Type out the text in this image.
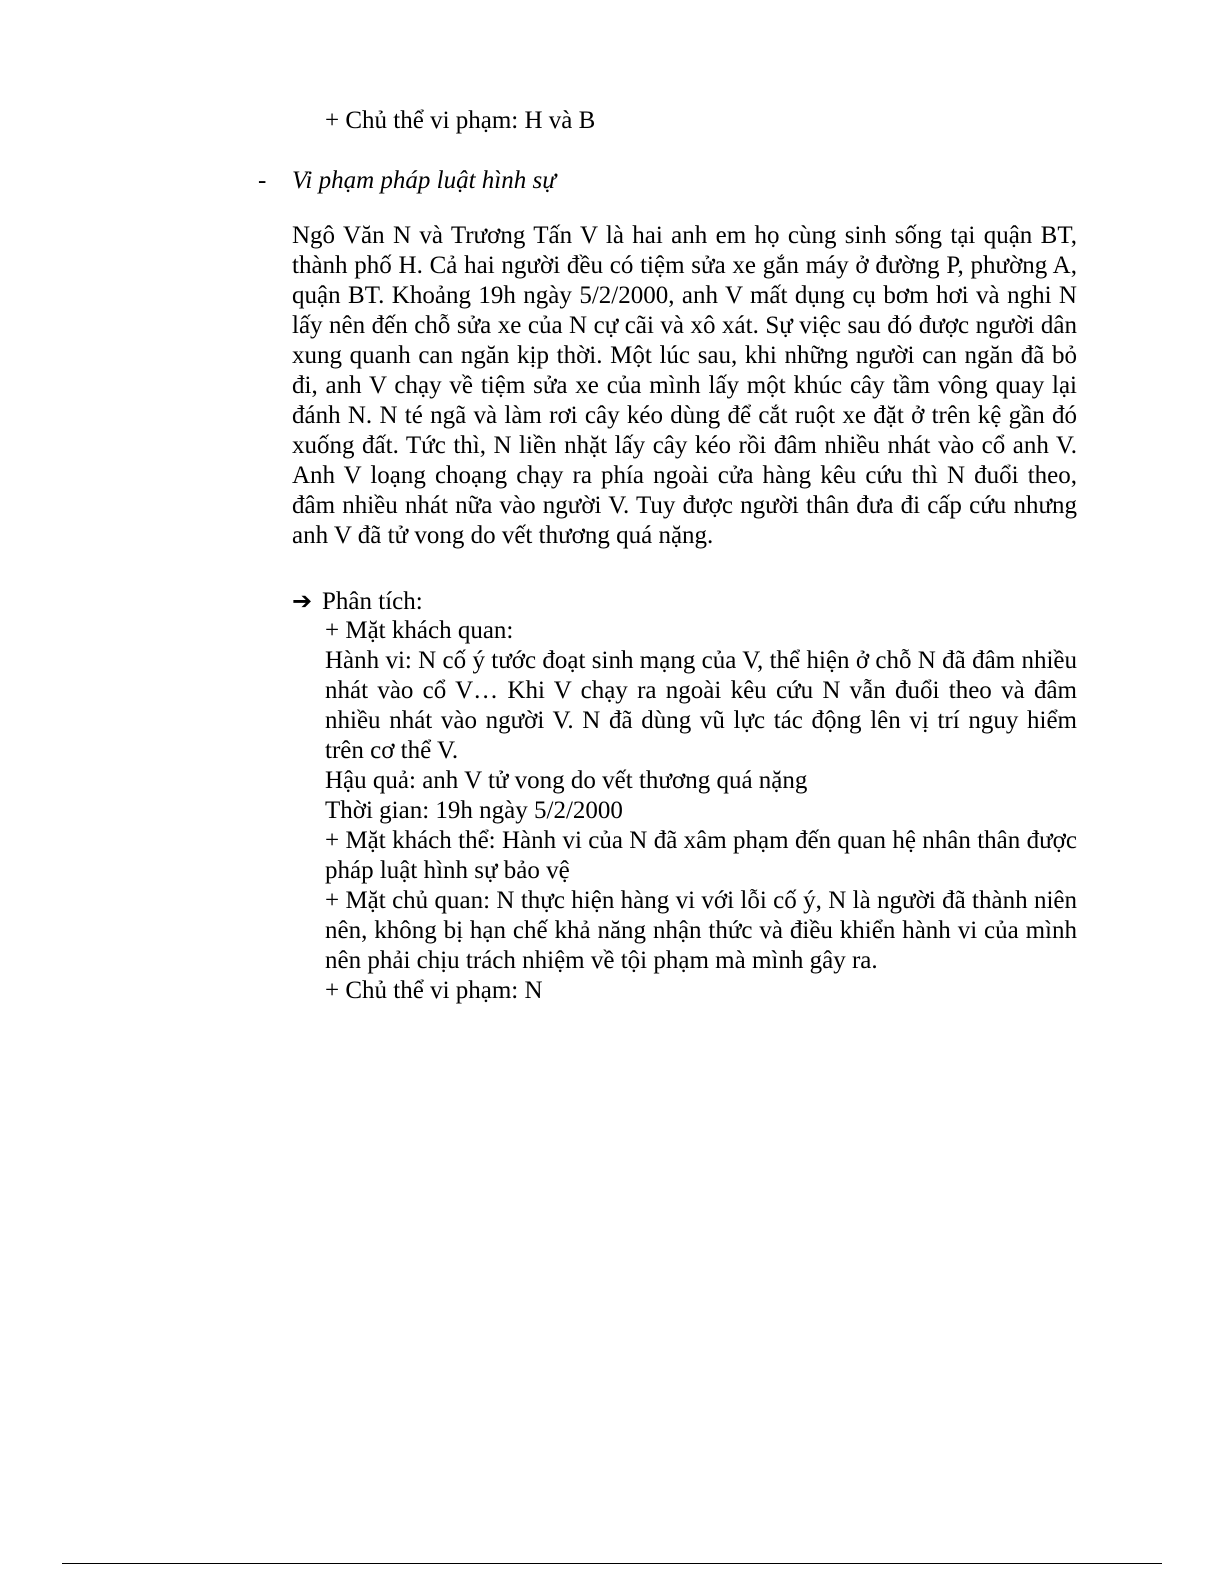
+ Chủ thể vi phạm: H và B

- Vi phạm pháp luật hình sự

Ngô Văn N và Trương Tấn V là hai anh em họ cùng sinh sống tại quận BT, thành phố H. Cả hai người đều có tiệm sửa xe gắn máy ở đường P, phường A, quận BT. Khoảng 19h ngày 5/2/2000, anh V mất dụng cụ bơm hơi và nghi N lấy nên đến chỗ sửa xe của N cự cãi và xô xát. Sự việc sau đó được người dân xung quanh can ngăn kịp thời. Một lúc sau, khi những người can ngăn đã bỏ đi, anh V chạy về tiệm sửa xe của mình lấy một khúc cây tầm vông quay lại đánh N. N té ngã và làm rơi cây kéo dùng để cắt ruột xe đặt ở trên kệ gần đó xuống đất. Tức thì, N liền nhặt lấy cây kéo rồi đâm nhiều nhát vào cổ anh V. Anh V loạng choạng chạy ra phía ngoài cửa hàng kêu cứu thì N đuổi theo, đâm nhiều nhát nữa vào người V. Tuy được người thân đưa đi cấp cứu nhưng anh V đã tử vong do vết thương quá nặng.

➔ Phân tích:

+ Mặt khách quan:

Hành vi: N cố ý tước đoạt sinh mạng của V, thể hiện ở chỗ N đã đâm nhiều nhát vào cổ V… Khi V chạy ra ngoài kêu cứu N vẫn đuổi theo và đâm nhiều nhát vào người V. N đã dùng vũ lực tác động lên vị trí nguy hiểm trên cơ thể V.

Hậu quả: anh V tử vong do vết thương quá nặng

Thời gian: 19h ngày 5/2/2000

+ Mặt khách thể: Hành vi của N đã xâm phạm đến quan hệ nhân thân được pháp luật hình sự bảo vệ

+ Mặt chủ quan: N thực hiện hàng vi với lỗi cố ý, N là người đã thành niên nên, không bị hạn chế khả năng nhận thức và điều khiển hành vi của mình nên phải chịu trách nhiệm về tội phạm mà mình gây ra.

+ Chủ thể vi phạm: N
